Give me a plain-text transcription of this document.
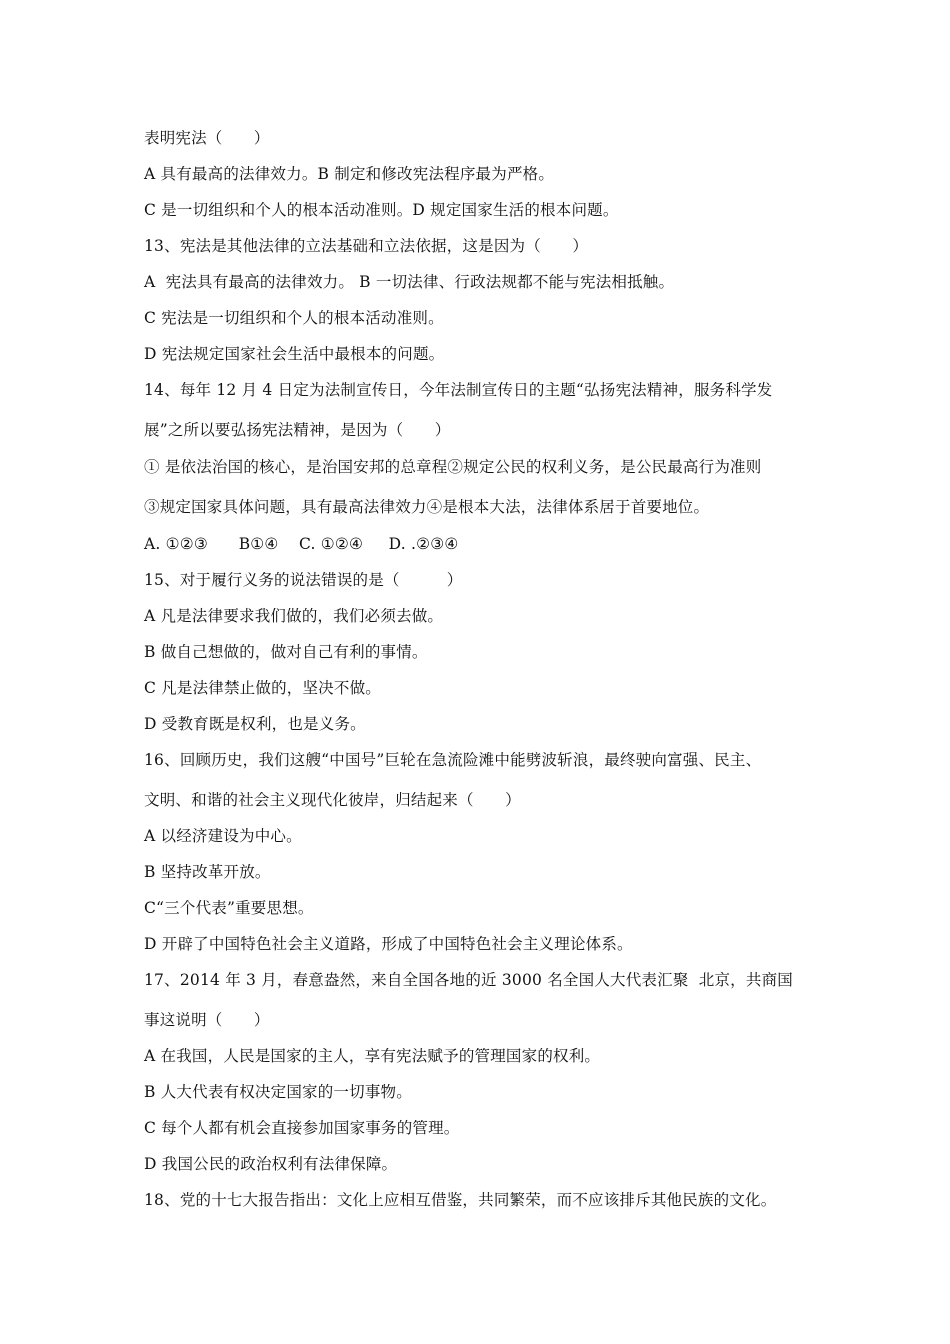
表明宪法（　　）
A 具有最高的法律效力。B 制定和修改宪法程序最为严格。
C 是一切组织和个人的根本活动准则。D 规定国家生活的根本问题。
13、宪法是其他法律的立法基础和立法依据，这是因为（　　）
A  宪法具有最高的法律效力。 B 一切法律、行政法规都不能与宪法相抵触。
C 宪法是一切组织和个人的根本活动准则。
D 宪法规定国家社会生活中最根本的问题。
14、每年 12 月 4 日定为法制宣传日，今年法制宣传日的主题“弘扬宪法精神，服务科学发
展”之所以要弘扬宪法精神，是因为（　　）
① 是依法治国的核心，是治国安邦的总章程②规定公民的权利义务，是公民最高行为准则
③规定国家具体问题，具有最高法律效力④是根本大法，法律体系居于首要地位。
A. ①②③      B①④    C. ①②④     D. .②③④
15、对于履行义务的说法错误的是（　　　）
A 凡是法律要求我们做的，我们必须去做。
B 做自己想做的，做对自己有利的事情。
C 凡是法律禁止做的，坚决不做。
D 受教育既是权利，也是义务。
16、回顾历史，我们这艘“中国号”巨轮在急流险滩中能劈波斩浪，最终驶向富强、民主、
文明、和谐的社会主义现代化彼岸，归结起来（　　）
A 以经济建设为中心。
B 坚持改革开放。
C“三个代表”重要思想。
D 开辟了中国特色社会主义道路，形成了中国特色社会主义理论体系。
17、2014 年 3 月，春意盎然，来自全国各地的近 3000 名全国人大代表汇聚  北京，共商国
事这说明（　　）
A 在我国，人民是国家的主人，享有宪法赋予的管理国家的权利。
B 人大代表有权决定国家的一切事物。
C 每个人都有机会直接参加国家事务的管理。
D 我国公民的政治权利有法律保障。
18、党的十七大报告指出：文化上应相互借鉴，共同繁荣，而不应该排斥其他民族的文化。
